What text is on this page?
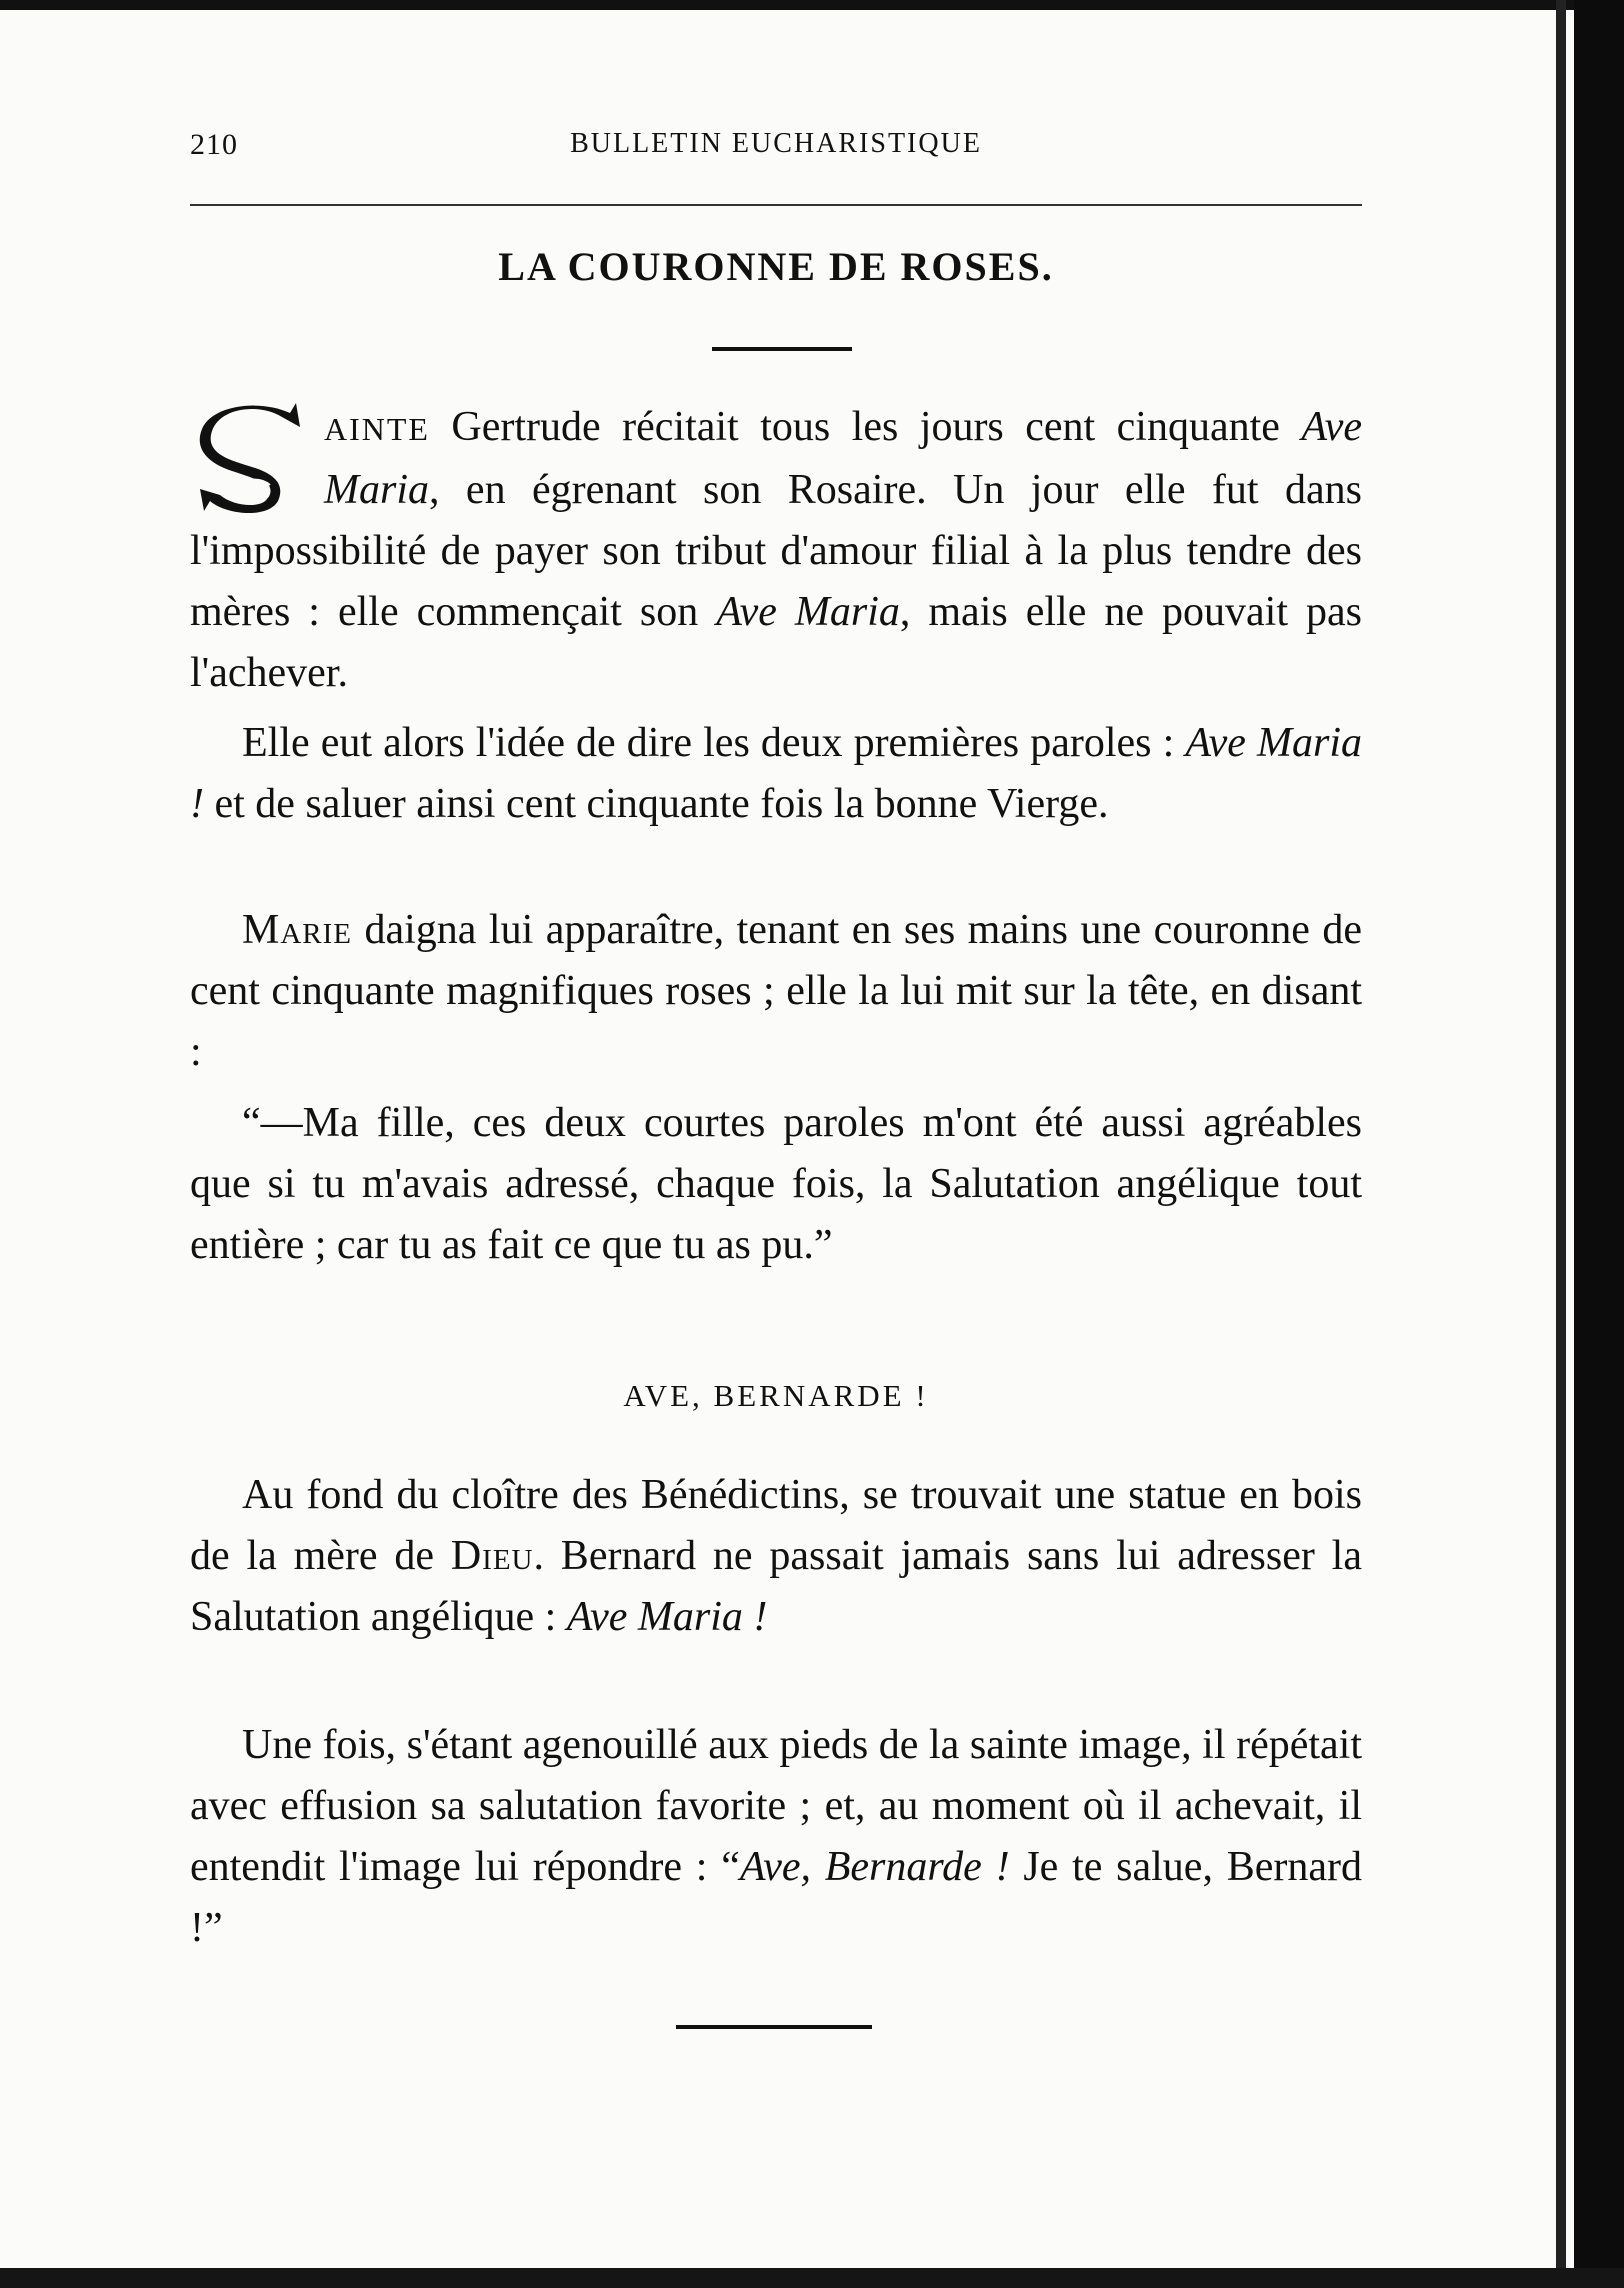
BULLETIN EUCHARISTIQUE
210
LA COURONNE DE ROSES.

AINTE Gertrude récitait tous les jours cent cinquante Ave Maria, en égrenant son Rosaire. Un jour elle fut dans l'impossibilité de payer son tribut d'amour filial à la plus tendre des mères : elle commençait son Ave Maria, mais elle ne pouvait pas l'achever.

Elle eut alors l'idée de dire les deux premières paroles : Ave Maria ! et de saluer ainsi cent cinquante fois la bonne Vierge.

Marie daigna lui apparaître, tenant en ses mains une couronne de cent cinquante magnifiques roses ; elle la lui mit sur la tête, en disant :

“—Ma fille, ces deux courtes paroles m'ont été aussi agréables que si tu m'avais adressé, chaque fois, la Salutation angélique tout entière ; car tu as fait ce que tu as pu.”

AVE, BERNARDE !

Au fond du cloître des Bénédictins, se trouvait une statue en bois de la mère de Dieu. Bernard ne passait jamais sans lui adresser la Salutation angélique : Ave Maria !

Une fois, s'étant agenouillé aux pieds de la sainte image, il répétait avec effusion sa salutation favorite ; et, au moment où il achevait, il entendit l'image lui répondre : “Ave, Bernarde ! Je te salue, Bernard !”
